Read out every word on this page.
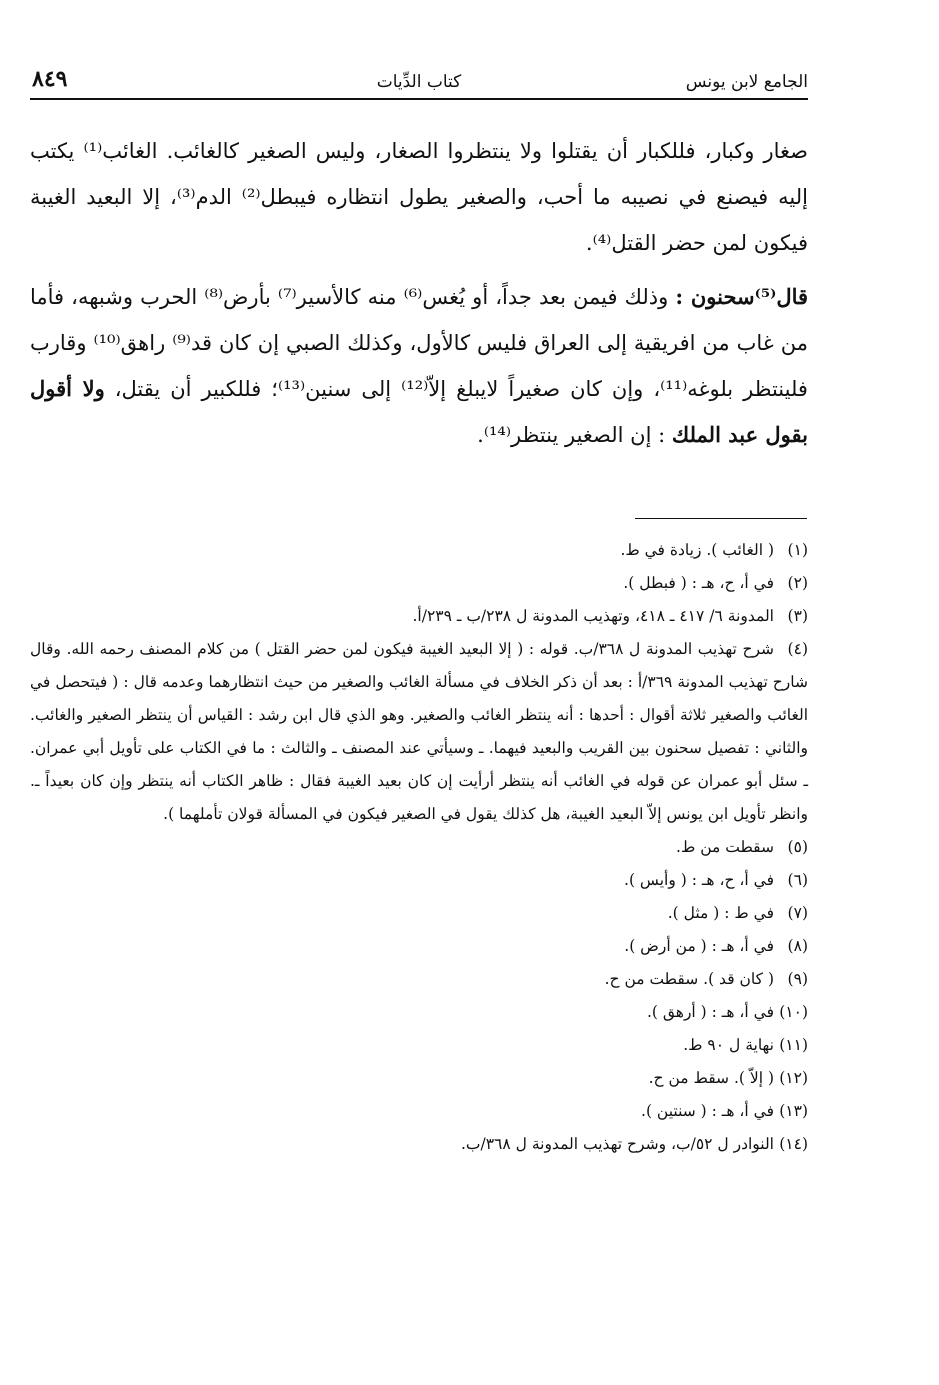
الجامع لابن يونس
كتاب الدِّيات
٨٤٩

صغار وكبار، فللكبار أن يقتلوا ولا ينتظروا الصغار، وليس الصغير كالغائب. الغائب⁽¹⁾ يكتب إليه فيصنع في نصيبه ما أحب، والصغير يطول انتظاره فيبطل⁽²⁾ الدم⁽³⁾، إلا البعيد الغيبة فيكون لمن حضر القتل⁽⁴⁾.

قال⁽⁵⁾سحنون : وذلك فيمن بعد جداً، أو يُغس⁽⁶⁾ منه كالأسير⁽⁷⁾ بأرض⁽⁸⁾ الحرب وشبهه، فأما من غاب من افريقية إلى العراق فليس كالأول، وكذلك الصبي إن كان قد⁽⁹⁾ راهق⁽¹⁰⁾ وقارب فلينتظر بلوغه⁽¹¹⁾، وإن كان صغيراً لايبلغ إلاّ⁽¹²⁾ إلى سنين⁽¹³⁾؛ فللكبير أن يقتل، ولا أقول بقول عبد الملك : إن الصغير ينتظر⁽¹⁴⁾.

(١)( الغائب ). زيادة في ط.
(٢)في أ، ح، هـ : ( فبطل ).
(٣)المدونة ٦/ ٤١٧ ـ ٤١٨، وتهذيب المدونة ل ٢٣٨/ب ـ ٢٣٩/أ.
(٤)شرح تهذيب المدونة ل ٣٦٨/ب. قوله : ( إلا البعيد الغيبة فيكون لمن حضر القتل ) من كلام المصنف رحمه الله. وقال شارح تهذيب المدونة ٣٦٩/أ : بعد أن ذكر الخلاف في مسألة الغائب والصغير من حيث انتظارهما وعدمه قال : ( فيتحصل في الغائب والصغير ثلاثة أقوال : أحدها : أنه ينتظر الغائب والصغير. وهو الذي قال ابن رشد : القياس أن ينتظر الصغير والغائب. والثاني : تفصيل سحنون بين القريب والبعيد فيهما. ـ وسيأتي عند المصنف ـ والثالث : ما في الكتاب على تأويل أبي عمران. ـ سئل أبو عمران عن قوله في الغائب أنه ينتظر أرأيت إن كان بعيد الغيبة فقال : ظاهر الكتاب أنه ينتظر وإن كان بعيداً ـ. وانظر تأويل ابن يونس إلاّ البعيد الغيبة، هل كذلك يقول في الصغير فيكون في المسألة قولان تأملهما ).
(٥)سقطت من ط.
(٦)في أ، ح، هـ : ( وأيس ).
(٧)في ط : ( مثل ).
(٨)في أ، هـ : ( من أرض ).
(٩)( كان قد ). سقطت من ح.
(١٠)في أ، هـ : ( أرهق ).
(١١)نهاية ل ٩٠ ط.
(١٢)( إلاّ ). سقط من ح.
(١٣)في أ، هـ : ( سنتين ).
(١٤)النوادر ل ٥٢/ب، وشرح تهذيب المدونة ل ٣٦٨/ب.
